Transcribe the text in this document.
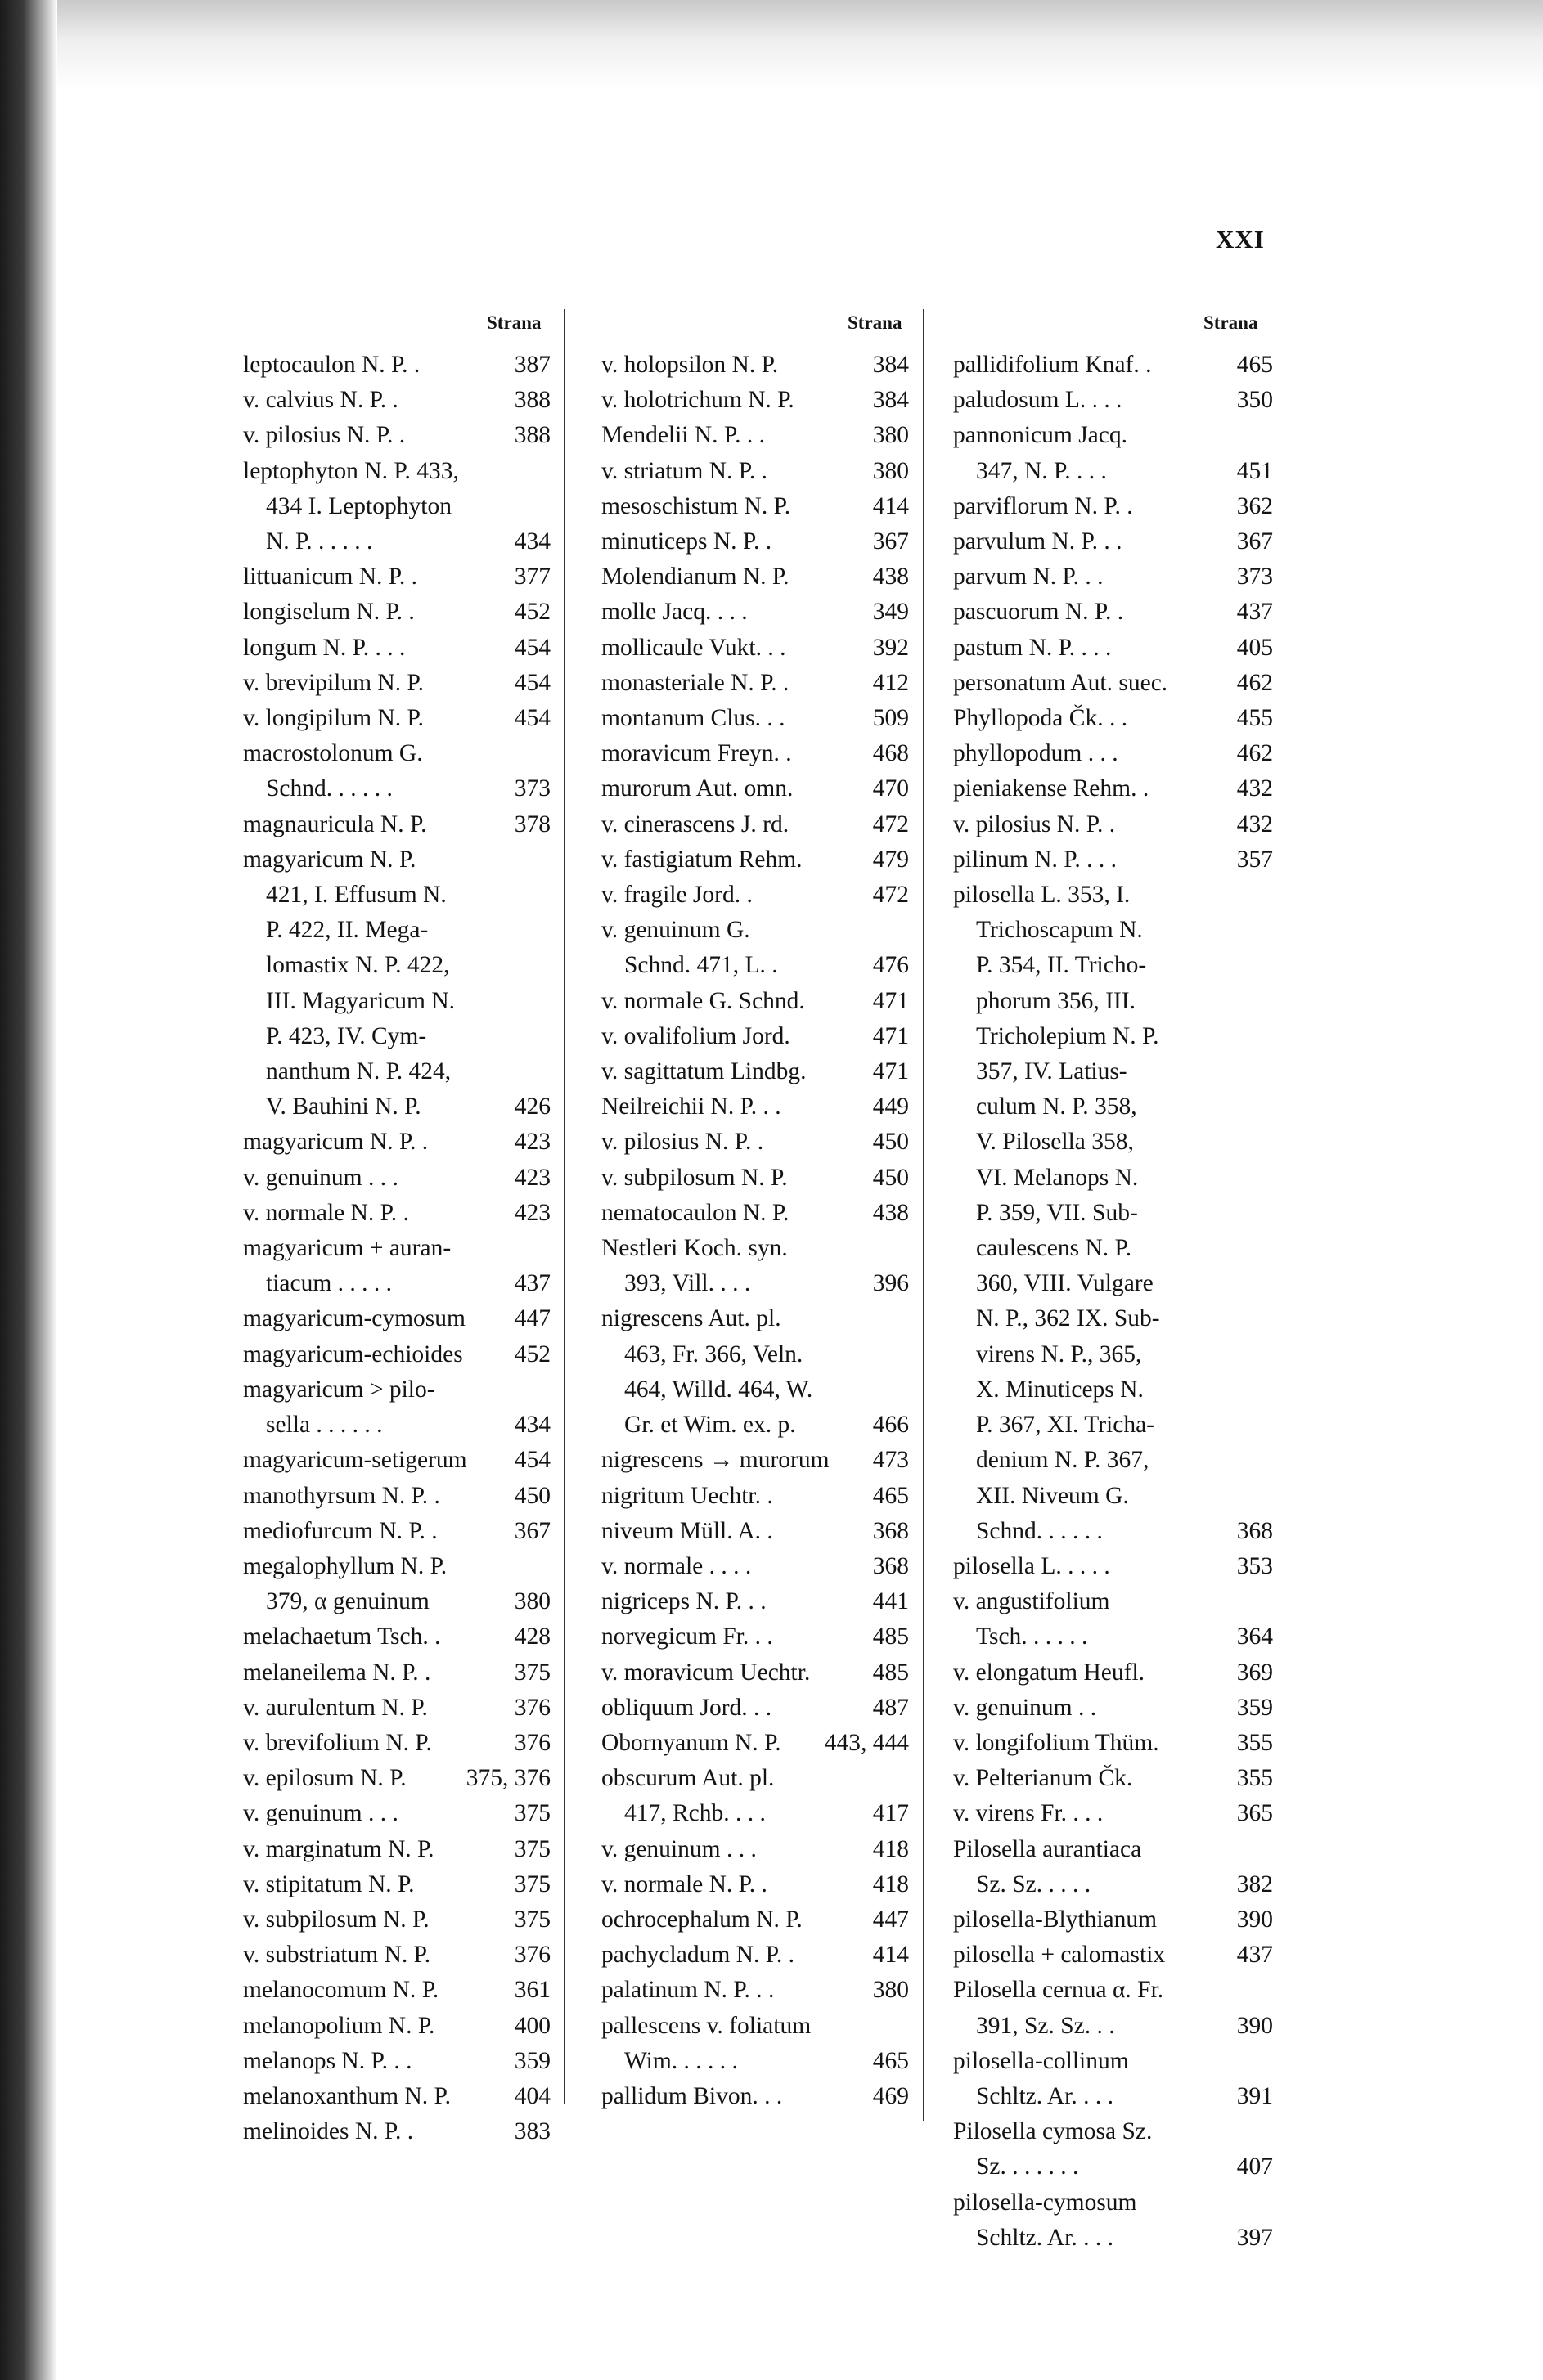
XXI
Strana	Strana	Strana
leptocaulon N. P. .	387
v. calvius N. P. .	388
v. pilosius N. P. .	388
leptophyton N. P. 433,
434 I. Leptophyton
N. P. . . . . .	434
littuanicum N. P. .	377
longiselum N. P. .	452
longum N. P. . . .	454
v. brevipilum N. P.	454
v. longipilum N. P.	454
macrostolonum G.
Schnd. . . . . .	373
magnauricula N. P.	378
magyaricum N. P.
421, I. Effusum N.
P. 422, II. Mega-
lomastix N. P. 422,
III. Magyaricum N.
P. 423, IV. Cym-
nanthum N. P. 424,
V. Bauhini N. P.	426
magyaricum N. P. .	423
v. genuinum . . .	423
v. normale N. P. .	423
magyaricum + auran-
tiacum . . . . .	437
magyaricum-cymosum	447
magyaricum-echioides	452
magyaricum > pilo-
sella . . . . . .	434
magyaricum-setigerum	454
manothyrsum N. P. .	450
mediofurcum N. P. .	367
megalophyllum N. P.
379, α genuinum	380
melachaetum Tsch. .	428
melaneilema N. P. .	375
v. aurulentum N. P.	376
v. brevifolium N. P.	376
v. epilosum N. P.	375, 376
v. genuinum . . .	375
v. marginatum N. P.	375
v. stipitatum N. P.	375
v. subpilosum N. P.	375
v. substriatum N. P.	376
melanocomum N. P.	361
melanopolium N. P.	400
melanops N. P. . .	359
melanoxanthum N. P.	404
melinoides N. P. .	383
v. holopsilon N. P.	384
v. holotrichum N. P.	384
Mendelii N. P. . .	380
v. striatum N. P. .	380
mesoschistum N. P.	414
minuticeps N. P. .	367
Molendianum N. P.	438
molle Jacq. . . .	349
mollicaule Vukt. . .	392
monasteriale N. P. .	412
montanum Clus. . .	509
moravicum Freyn. .	468
murorum Aut. omn.	470
v. cinerascens J. rd.	472
v. fastigiatum Rehm.	479
v. fragile Jord. .	472
v. genuinum G.
Schnd. 471, L. .	476
v. normale G. Schnd.	471
v. ovalifolium Jord.	471
v. sagittatum Lindbg.	471
Neilreichii N. P. . .	449
v. pilosius N. P. .	450
v. subpilosum N. P.	450
nematocaulon N. P.	438
Nestleri Koch. syn.
393, Vill. . . .	396
nigrescens Aut. pl.
463, Fr. 366, Veln.
464, Willd. 464, W.
Gr. et Wim. ex. p.	466
nigrescens → murorum	473
nigritum Uechtr. .	465
niveum Müll. A. .	368
v. normale . . . .	368
nigriceps N. P. . .	441
norvegicum Fr. . .	485
v. moravicum Uechtr.	485
obliquum Jord. . .	487
Obornyanum N. P.	443, 444
obscurum Aut. pl.
417, Rchb. . . .	417
v. genuinum . . .	418
v. normale N. P. .	418
ochrocephalum N. P.	447
pachycladum N. P. .	414
palatinum N. P. . .	380
pallescens v. foliatum
Wim. . . . . .	465
pallidum Bivon. . .	469
pallidifolium Knaf. .	465
paludosum L. . . .	350
pannonicum Jacq.
347, N. P. . . .	451
parviflorum N. P. .	362
parvulum N. P. . .	367
parvum N. P. . .	373
pascuorum N. P. .	437
pastum N. P. . . .	405
personatum Aut. suec.	462
Phyllopoda Čk. . .	455
phyllopodum . . .	462
pieniakense Rehm. .	432
v. pilosius N. P. .	432
pilinum N. P. . . .	357
pilosella L. 353, I.
Trichoscapum N.
P. 354, II. Tricho-
phorum 356, III.
Tricholepium N. P.
357, IV. Latius-
culum N. P. 358,
V. Pilosella 358,
VI. Melanops N.
P. 359, VII. Sub-
caulescens N. P.
360, VIII. Vulgare
N. P., 362 IX. Sub-
virens N. P., 365,
X. Minuticeps N.
P. 367, XI. Tricha-
denium N. P. 367,
XII. Niveum G.
Schnd. . . . . .	368
pilosella L. . . . .	353
v. angustifolium
Tsch. . . . . .	364
v. elongatum Heufl.	369
v. genuinum . .	359
v. longifolium Thüm.	355
v. Pelterianum Čk.	355
v. virens Fr. . . .	365
Pilosella aurantiaca
Sz. Sz. . . . .	382
pilosella-Blythianum	390
pilosella + calomastix	437
Pilosella cernua α. Fr.
391, Sz. Sz. . .	390
pilosella-collinum
Schltz. Ar. . . .	391
Pilosella cymosa Sz.
Sz. . . . . . .	407
pilosella-cymosum
Schltz. Ar. . . .	397
